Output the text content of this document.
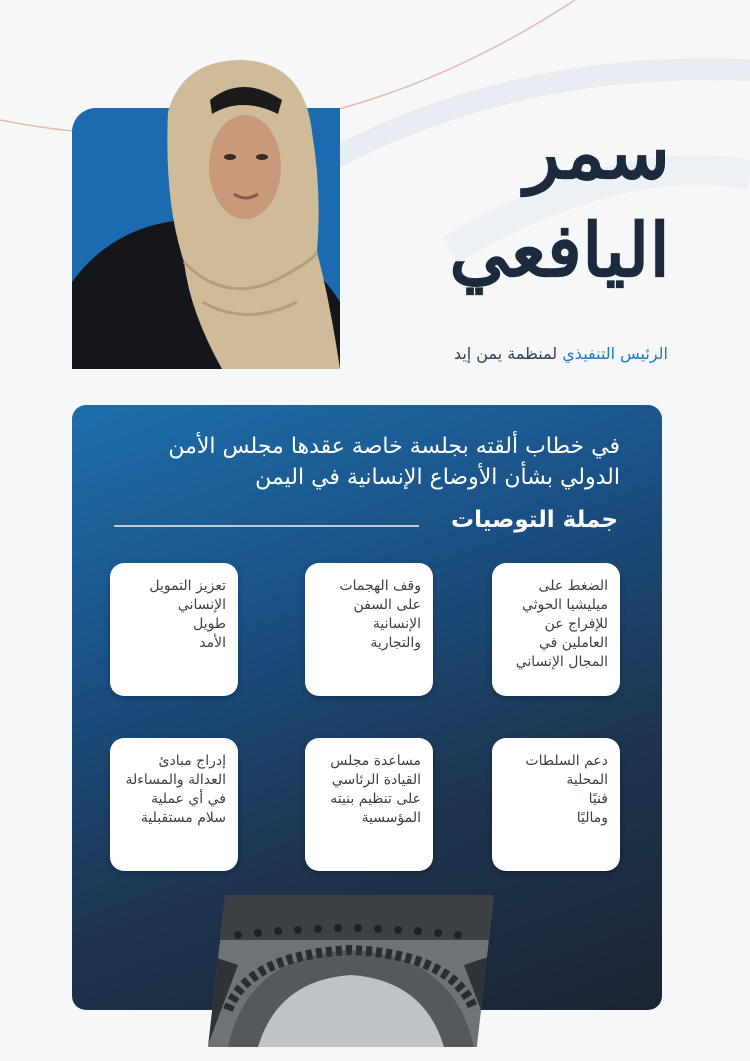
سمر
اليافعي
الرئيس التنفيذي لمنظمة يمن إيد
في خطاب ألقته بجلسة خاصة عقدها مجلس الأمن
الدولي بشأن الأوضاع الإنسانية في اليمن
جملة التوصيات
الضغط على
ميليشيا الحوثي
للإفراج عن
العاملين في
المجال الإنساني
وقف الهجمات
على السفن
الإنسانية
والتجارية
تعزيز التمويل
الإنساني
طويل
الأمد
دعم السلطات
المحلية
فنيًا
وماليًا
مساعدة مجلس
القيادة الرئاسي
على تنظيم بنيته
المؤسسية
إدراج مبادئ
العدالة والمساءلة
في أي عملية
سلام مستقبلية
